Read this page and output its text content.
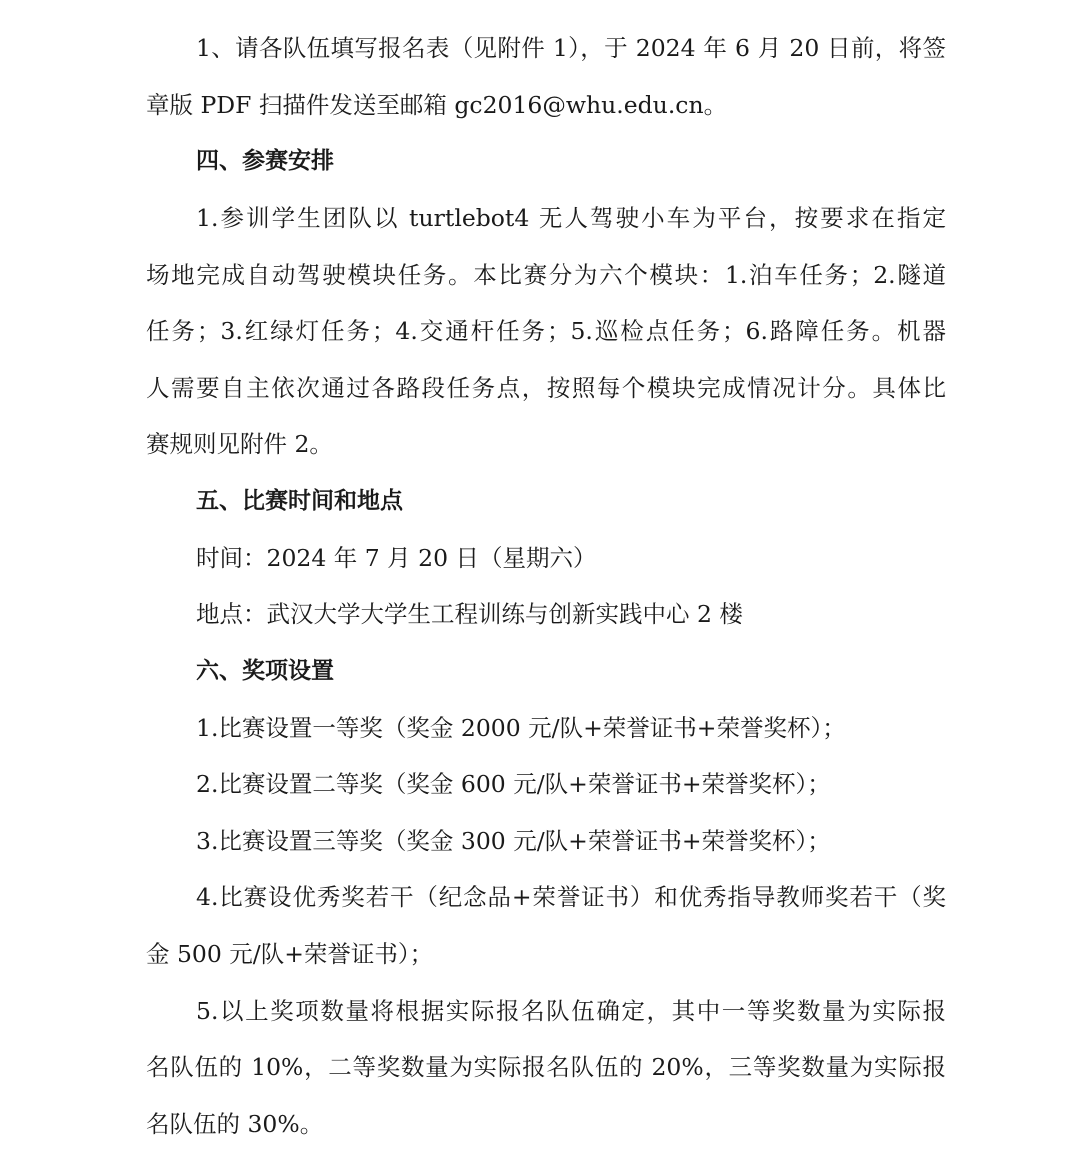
1、请各队伍填写报名表（见附件 1），于 2024 年 6 月 20 日前，将签
章版 PDF 扫描件发送至邮箱 gc2016@whu.edu.cn。
四、参赛安排
1.参训学生团队以 turtlebot4 无人驾驶小车为平台，按要求在指定
场地完成自动驾驶模块任务。本比赛分为六个模块：1.泊车任务；2.隧道
任务；3.红绿灯任务；4.交通杆任务；5.巡检点任务；6.路障任务。机器
人需要自主依次通过各路段任务点，按照每个模块完成情况计分。具体比
赛规则见附件 2。
五、比赛时间和地点
时间：2024 年 7 月 20 日（星期六）
地点：武汉大学大学生工程训练与创新实践中心 2 楼
六、奖项设置
1.比赛设置一等奖（奖金 2000 元/队+荣誉证书+荣誉奖杯）；
2.比赛设置二等奖（奖金 600 元/队+荣誉证书+荣誉奖杯）；
3.比赛设置三等奖（奖金 300 元/队+荣誉证书+荣誉奖杯）；
4.比赛设优秀奖若干（纪念品+荣誉证书）和优秀指导教师奖若干（奖
金 500 元/队+荣誉证书）；
5.以上奖项数量将根据实际报名队伍确定，其中一等奖数量为实际报
名队伍的 10%，二等奖数量为实际报名队伍的 20%，三等奖数量为实际报
名队伍的 30%。
